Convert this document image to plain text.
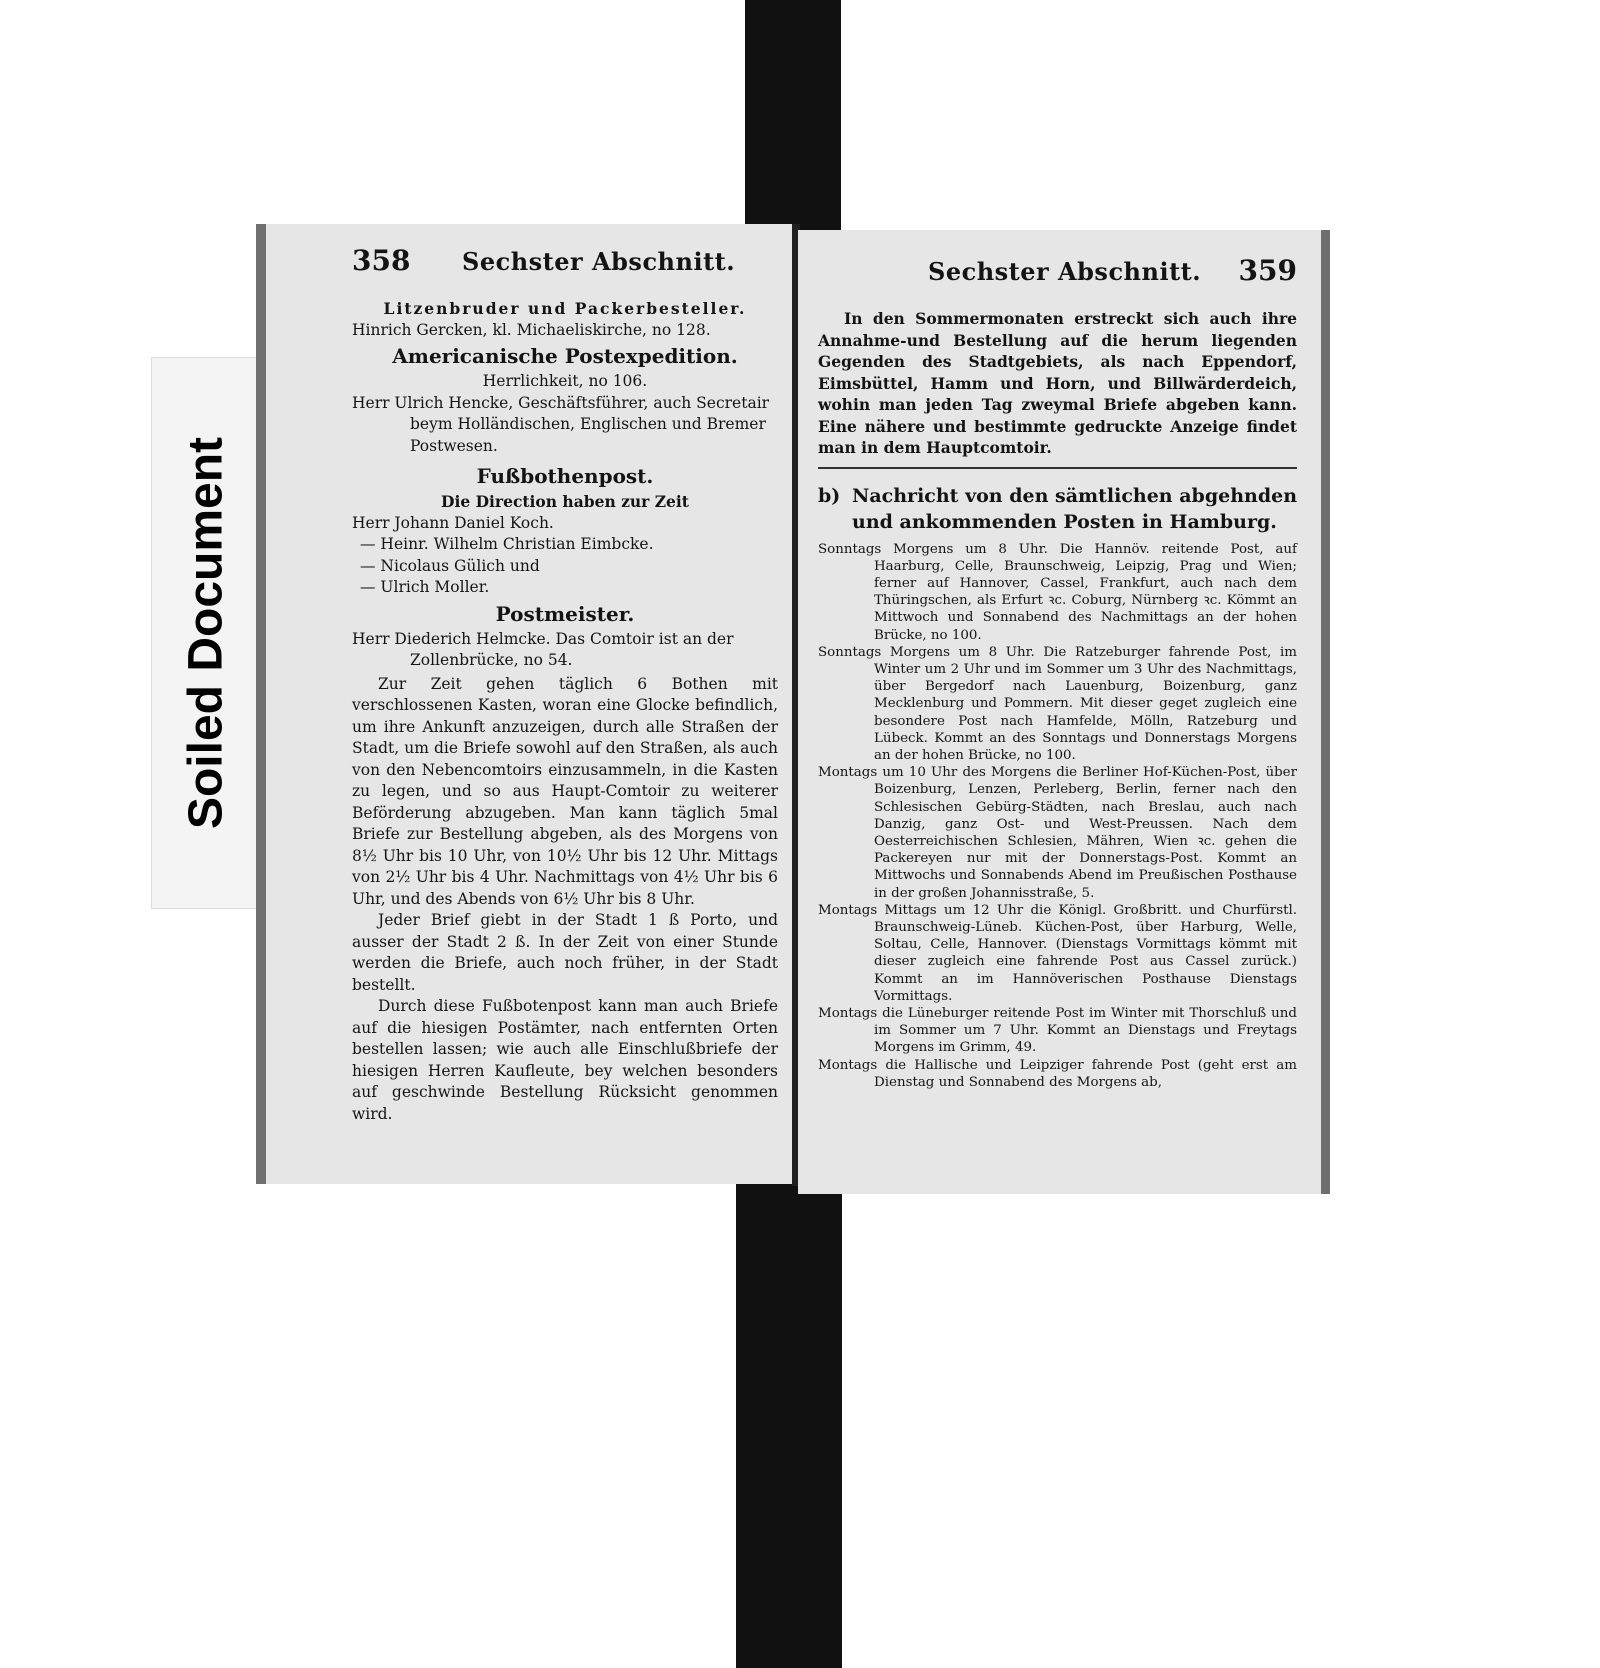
Soiled Document
358	Sechster Abschnitt.
Litzenbruder und Packerbesteller.
Hinrich Gercken, kl. Michaeliskirche, no 128.
Americanische Postexpedition.
Herrlichkeit, no 106.
Herr Ulrich Hencke, Geschäftsführer, auch Secretair
beym Holländischen, Englischen und Bremer
Postwesen.
Fußbothenpost.
Die Direction haben zur Zeit
Herr Johann Daniel Koch.
— Heinr. Wilhelm Christian Eimbcke.
— Nicolaus Gülich und
— Ulrich Moller.
Postmeister.
Herr Diederich Helmcke. Das Comtoir ist an der
Zollenbrücke, no 54.
Zur Zeit gehen täglich 6 Bothen mit verschlossenen Kasten, woran eine Glocke befindlich, um ihre Ankunft anzuzeigen, durch alle Straßen der Stadt, um die Briefe sowohl auf den Straßen, als auch von den Nebencomtoirs einzusammeln, in die Kasten zu legen, und so aus Haupt-Comtoir zu weiterer Beförderung abzugeben. Man kann täglich 5mal Briefe zur Bestellung abgeben, als des Morgens von 8½ Uhr bis 10 Uhr, von 10½ Uhr bis 12 Uhr. Mittags von 2½ Uhr bis 4 Uhr. Nachmittags von 4½ Uhr bis 6 Uhr, und des Abends von 6½ Uhr bis 8 Uhr.
Jeder Brief giebt in der Stadt 1 ß Porto, und ausser der Stadt 2 ß. In der Zeit von einer Stunde werden die Briefe, auch noch früher, in der Stadt bestellt.
Durch diese Fußbotenpost kann man auch Briefe auf die hiesigen Postämter, nach entfernten Orten bestellen lassen; wie auch alle Einschlußbriefe der hiesigen Herren Kaufleute, bey welchen besonders auf geschwinde Bestellung Rücksicht genommen wird.
Sechster Abschnitt. 359
In den Sommermonaten erstreckt sich auch ihre Annahme-und Bestellung auf die herum liegenden Gegenden des Stadtgebiets, als nach Eppendorf, Eimsbüttel, Hamm und Horn, und Billwärderdeich, wohin man jeden Tag zweymal Briefe abgeben kann. Eine nähere und bestimmte gedruckte Anzeige findet man in dem Hauptcomtoir.
b) Nachricht von den sämtlichen abgehnden und ankommenden Posten in Hamburg.
Sonntags Morgens um 8 Uhr. Die Hannöv. reitende Post, auf Haarburg, Celle, Braunschweig, Leipzig, Prag und Wien; ferner auf Hannover, Cassel, Frankfurt, auch nach dem Thüringschen, als Erfurt ꝛc. Coburg, Nürnberg ꝛc. Kömmt an Mittwoch und Sonnabend des Nachmittags an der hohen Brücke, no 100.
Sonntags Morgens um 8 Uhr. Die Ratzeburger fahrende Post, im Winter um 2 Uhr und im Sommer um 3 Uhr des Nachmittags, über Bergedorf nach Lauenburg, Boizenburg, ganz Mecklenburg und Pommern. Mit dieser geget zugleich eine besondere Post nach Hamfelde, Mölln, Ratzeburg und Lübeck. Kommt an des Sonntags und Donnerstags Morgens an der hohen Brücke, no 100.
Montags um 10 Uhr des Morgens die Berliner Hof-Küchen-Post, über Boizenburg, Lenzen, Perleberg, Berlin, ferner nach den Schlesischen Gebürg-Städten, nach Breslau, auch nach Danzig, ganz Ost- und West-Preussen. Nach dem Oesterreichischen Schlesien, Mähren, Wien ꝛc. gehen die Packereyen nur mit der Donnerstags-Post. Kommt an Mittwochs und Sonnabends Abend im Preußischen Posthause in der großen Johannisstraße, 5.
Montags Mittags um 12 Uhr die Königl. Großbritt. und Churfürstl. Braunschweig-Lüneb. Küchen-Post, über Harburg, Welle, Soltau, Celle, Hannover. (Dienstags Vormittags kömmt mit dieser zugleich eine fahrende Post aus Cassel zurück.) Kommt an im Hannöverischen Posthause Dienstags Vormittags.
Montags die Lüneburger reitende Post im Winter mit Thorschluß und im Sommer um 7 Uhr. Kommt an Dienstags und Freytags Morgens im Grimm, 49.
Montags die Hallische und Leipziger fahrende Post (geht erst am Dienstag und Sonnabend des Morgens ab,
